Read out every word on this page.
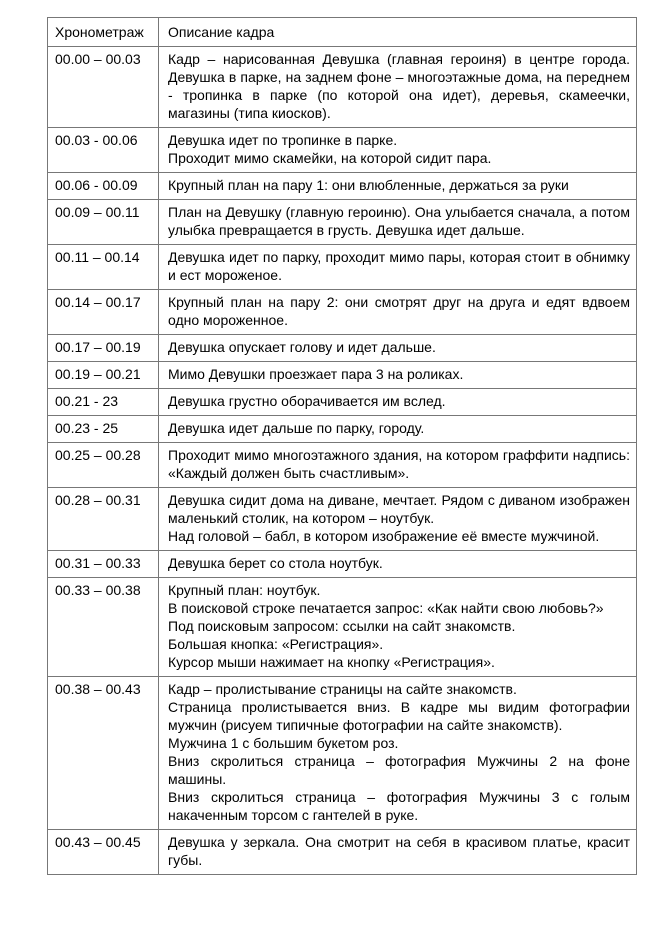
Хронометраж	Описание кадра
00.00 – 00.03	Кадр – нарисованная Девушка (главная героиня) в центре города. Девушка в парке, на заднем фоне – многоэтажные дома, на переднем - тропинка в парке (по которой она идет), деревья, скамеечки, магазины (типа киосков).

00.03 - 00.06	Девушка идет по тропинке в парке.

Проходит мимо скамейки, на которой сидит пара.

00.06 - 00.09	Крупный план на пару 1: они влюбленные, держаться за руки

00.09 – 00.11	План на Девушку (главную героиню). Она улыбается сначала, а потом улыбка превращается в грусть. Девушка идет дальше.

00.11 – 00.14	Девушка идет по парку, проходит мимо пары, которая стоит в обнимку и ест мороженое.

00.14 – 00.17	Крупный план на пару 2: они смотрят друг на друга и едят вдвоем одно мороженное.

00.17 – 00.19	Девушка опускает голову и идет дальше.

00.19 – 00.21	Мимо Девушки проезжает пара 3 на роликах.

00.21 - 23	Девушка грустно оборачивается им вслед.

00.23 - 25	Девушка идет дальше по парку, городу.

00.25 – 00.28	Проходит мимо многоэтажного здания, на котором граффити надпись: «Каждый должен быть счастливым».

00.28 – 00.31	Девушка сидит дома на диване, мечтает. Рядом с диваном изображен маленький столик, на котором – ноутбук.

Над головой – бабл, в котором изображение её вместе мужчиной.

00.31 – 00.33	Девушка берет со стола ноутбук.

00.33 – 00.38	Крупный план: ноутбук.

В поисковой строке печатается запрос: «Как найти свою любовь?»

Под поисковым запросом: ссылки на сайт знакомств.

Большая кнопка: «Регистрация».

Курсор мыши нажимает на кнопку «Регистрация».

00.38 – 00.43	Кадр – пролистывание страницы на сайте знакомств.

Страница пролистывается вниз. В кадре мы видим фотографии мужчин (рисуем типичные фотографии на сайте знакомств).

Мужчина 1 с большим букетом роз.

Вниз скролиться страница – фотография Мужчины 2 на фоне машины.

Вниз скролиться страница – фотография Мужчины 3 с голым накаченным торсом с гантелей в руке.

00.43 – 00.45	Девушка у зеркала. Она смотрит на себя в красивом платье, красит губы.
